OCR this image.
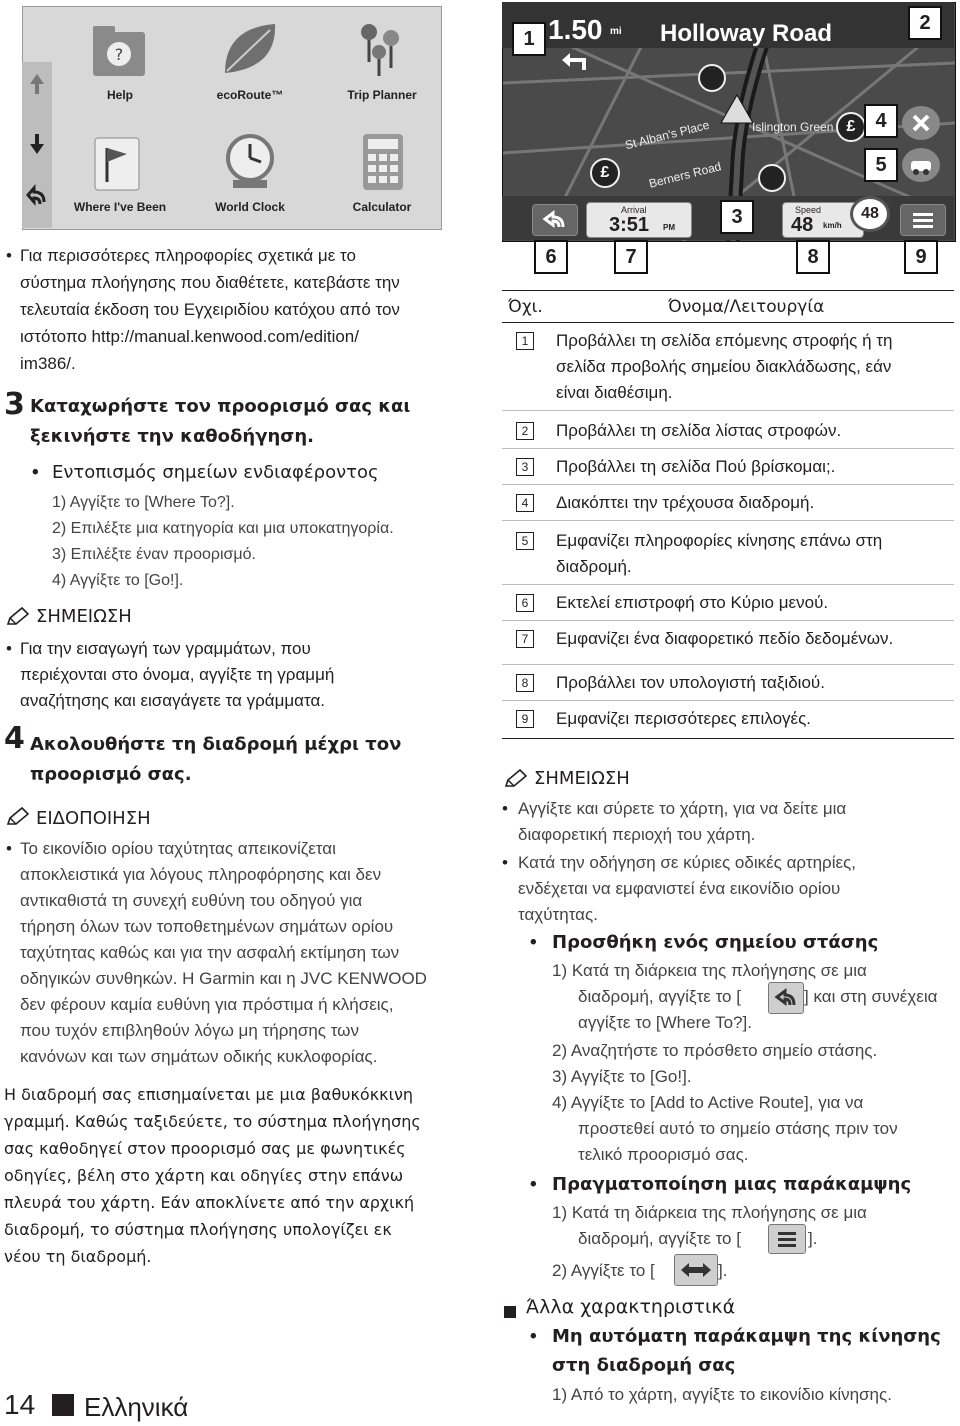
?
Help	ecoRoute™	Trip Planner
Where I've Been	World Clock	Calculator
1.50 mi Holloway Road
St Alban's Place
Berners Road
Islington Green
£
£
Arrival
3:51 PM
Speed
48 km/h
48
1
2
3
4
5
6	7	8	9
• Για περισσότερες πληροφορίες σχετικά με το
σύστημα πλοήγησης που διαθέτετε, κατεβάστε την
τελευταία έκδοση του Εγχειριδίου κατόχου από τον
ιστότοπο http://manual.kenwood.com/edition/
im386/.
3 Καταχωρήστε τον προορισμό σας και
ξεκινήστε την καθοδήγηση.
• Εντοπισμός σημείων ενδιαφέροντος
1) Αγγίξτε το [Where To?].
2) Επιλέξτε μια κατηγορία και μια υποκατηγορία.
3) Επιλέξτε έναν προορισμό.
4) Αγγίξτε το [Go!].
ΣΗΜΕΙΩΣΗ
• Για την εισαγωγή των γραμμάτων, που
περιέχονται στο όνομα, αγγίξτε τη γραμμή
αναζήτησης και εισαγάγετε τα γράμματα.
4 Ακολουθήστε τη διαδρομή μέχρι τον
προορισμό σας.
ΕΙΔΟΠΟΙΗΣΗ
• Το εικονίδιο ορίου ταχύτητας απεικονίζεται
αποκλειστικά για λόγους πληροφόρησης και δεν
αντικαθιστά τη συνεχή ευθύνη του οδηγού για
τήρηση όλων των τοποθετημένων σημάτων ορίου
ταχύτητας καθώς και για την ασφαλή εκτίμηση των
οδηγικών συνθηκών. Η Garmin και η JVC KENWOOD
δεν φέρουν καμία ευθύνη για πρόστιμα ή κλήσεις,
που τυχόν επιβληθούν λόγω μη τήρησης των
κανόνων και των σημάτων οδικής κυκλοφορίας.
Η διαδρομή σας επισημαίνεται με μια βαθυκόκκινη
γραμμή. Καθώς ταξιδεύετε, το σύστημα πλοήγησης
σας καθοδηγεί στον προορισμό σας με φωνητικές
οδηγίες, βέλη στο χάρτη και οδηγίες στην επάνω
πλευρά του χάρτη. Εάν αποκλίνετε από την αρχική
διαδρομή, το σύστημα πλοήγησης υπολογίζει εκ
νέου τη διαδρομή.
14 Ελληνικά
Όχι.	Όνομα/Λειτουργία
1	Προβάλλει τη σελίδα επόμενης στροφής ή τη
σελίδα προβολής σημείου διακλάδωσης, εάν
είναι διαθέσιμη.
2	Προβάλλει τη σελίδα λίστας στροφών.
3	Προβάλλει τη σελίδα Πού βρίσκομαι;.
4	Διακόπτει την τρέχουσα διαδρομή.
5	Εμφανίζει πληροφορίες κίνησης επάνω στη
διαδρομή.
6	Εκτελεί επιστροφή στο Κύριο μενού.
7	Εμφανίζει ένα διαφορετικό πεδίο δεδομένων.
8	Προβάλλει τον υπολογιστή ταξιδιού.
9	Εμφανίζει περισσότερες επιλογές.
ΣΗΜΕΙΩΣΗ
• Αγγίξτε και σύρετε το χάρτη, για να δείτε μια
διαφορετική περιοχή του χάρτη.
• Κατά την οδήγηση σε κύριες οδικές αρτηρίες,
ενδέχεται να εμφανιστεί ένα εικονίδιο ορίου
ταχύτητας.
• Προσθήκη ενός σημείου στάσης
1) Κατά τη διάρκεια της πλοήγησης σε μια
διαδρομή, αγγίξτε το [	] και στη συνέχεια
αγγίξτε το [Where To?].
2) Αναζητήστε το πρόσθετο σημείο στάσης.
3) Αγγίξτε το [Go!].
4) Αγγίξτε το [Add to Active Route], για να
προστεθεί αυτό το σημείο στάσης πριν τον
τελικό προορισμό σας.
• Πραγματοποίηση μιας παράκαμψης
1) Κατά τη διάρκεια της πλοήγησης σε μια
διαδρομή, αγγίξτε το [	].
2) Αγγίξτε το [	].
Άλλα χαρακτηριστικά
• Μη αυτόματη παράκαμψη της κίνησης
στη διαδρομή σας
1) Από το χάρτη, αγγίξτε το εικονίδιο κίνησης.
